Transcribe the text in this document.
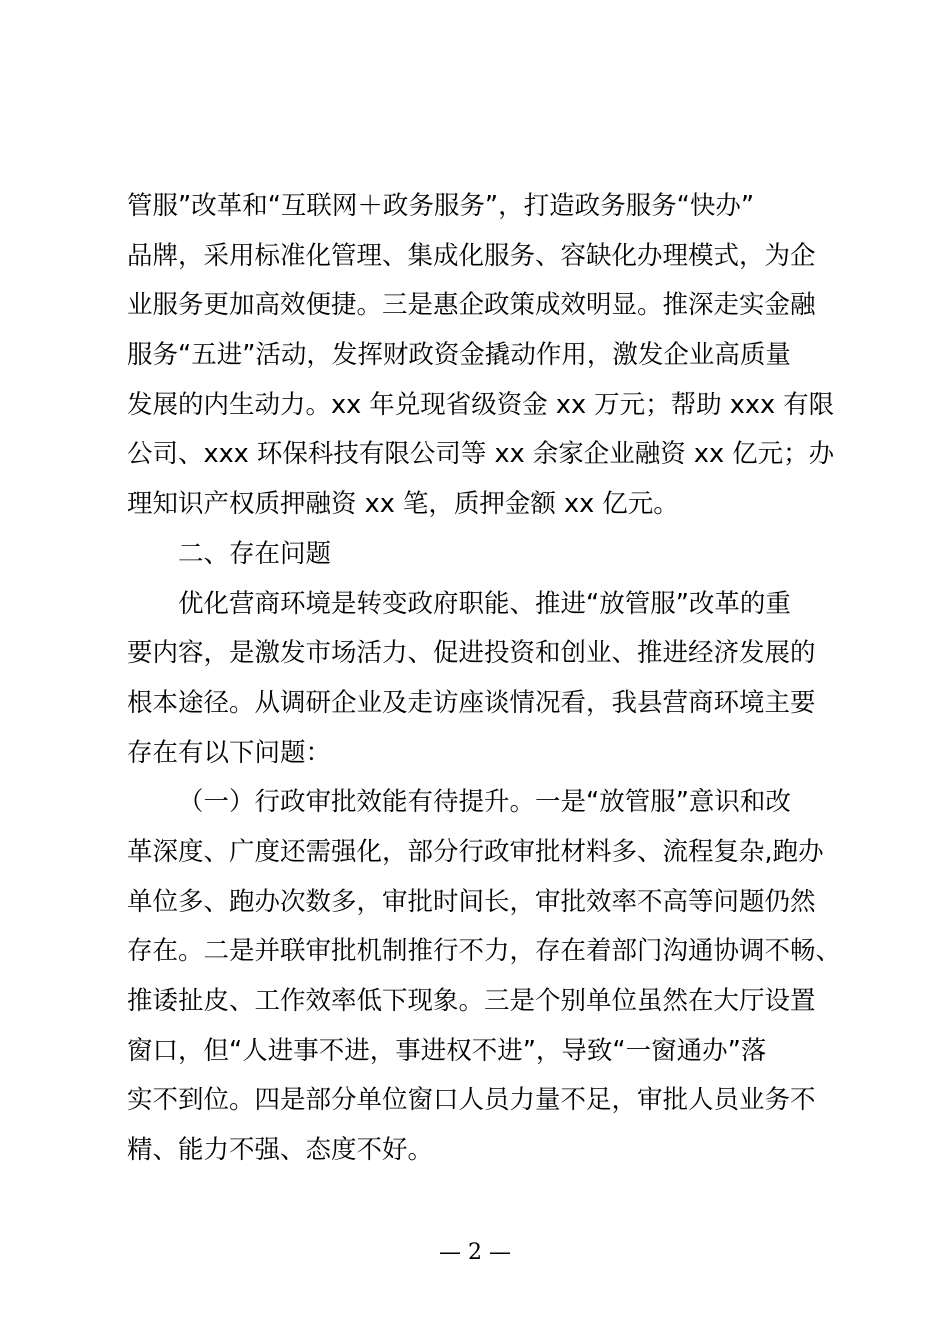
管服”改革和“互联网＋政务服务”，打造政务服务“快办”
品牌，采用标准化管理、集成化服务、容缺化办理模式，为企
业服务更加高效便捷。三是惠企政策成效明显。推深走实金融
服务“五进”活动，发挥财政资金撬动作用，激发企业高质量
发展的内生动力。xx 年兑现省级资金 xx 万元；帮助 xxx 有限
公司、xxx 环保科技有限公司等 xx 余家企业融资 xx 亿元；办
理知识产权质押融资 xx 笔，质押金额 xx 亿元。
二、存在问题
优化营商环境是转变政府职能、推进“放管服”改革的重
要内容，是激发市场活力、促进投资和创业、推进经济发展的
根本途径。从调研企业及走访座谈情况看，我县营商环境主要
存在有以下问题：
（一）行政审批效能有待提升。一是“放管服”意识和改
革深度、广度还需强化，部分行政审批材料多、流程复杂,跑办
单位多、跑办次数多，审批时间长，审批效率不高等问题仍然
存在。二是并联审批机制推行不力，存在着部门沟通协调不畅、
推诿扯皮、工作效率低下现象。三是个别单位虽然在大厅设置
窗口，但“人进事不进，事进权不进”，导致“一窗通办”落
实不到位。四是部分单位窗口人员力量不足，审批人员业务不
精、能力不强、态度不好。
— 2 —
